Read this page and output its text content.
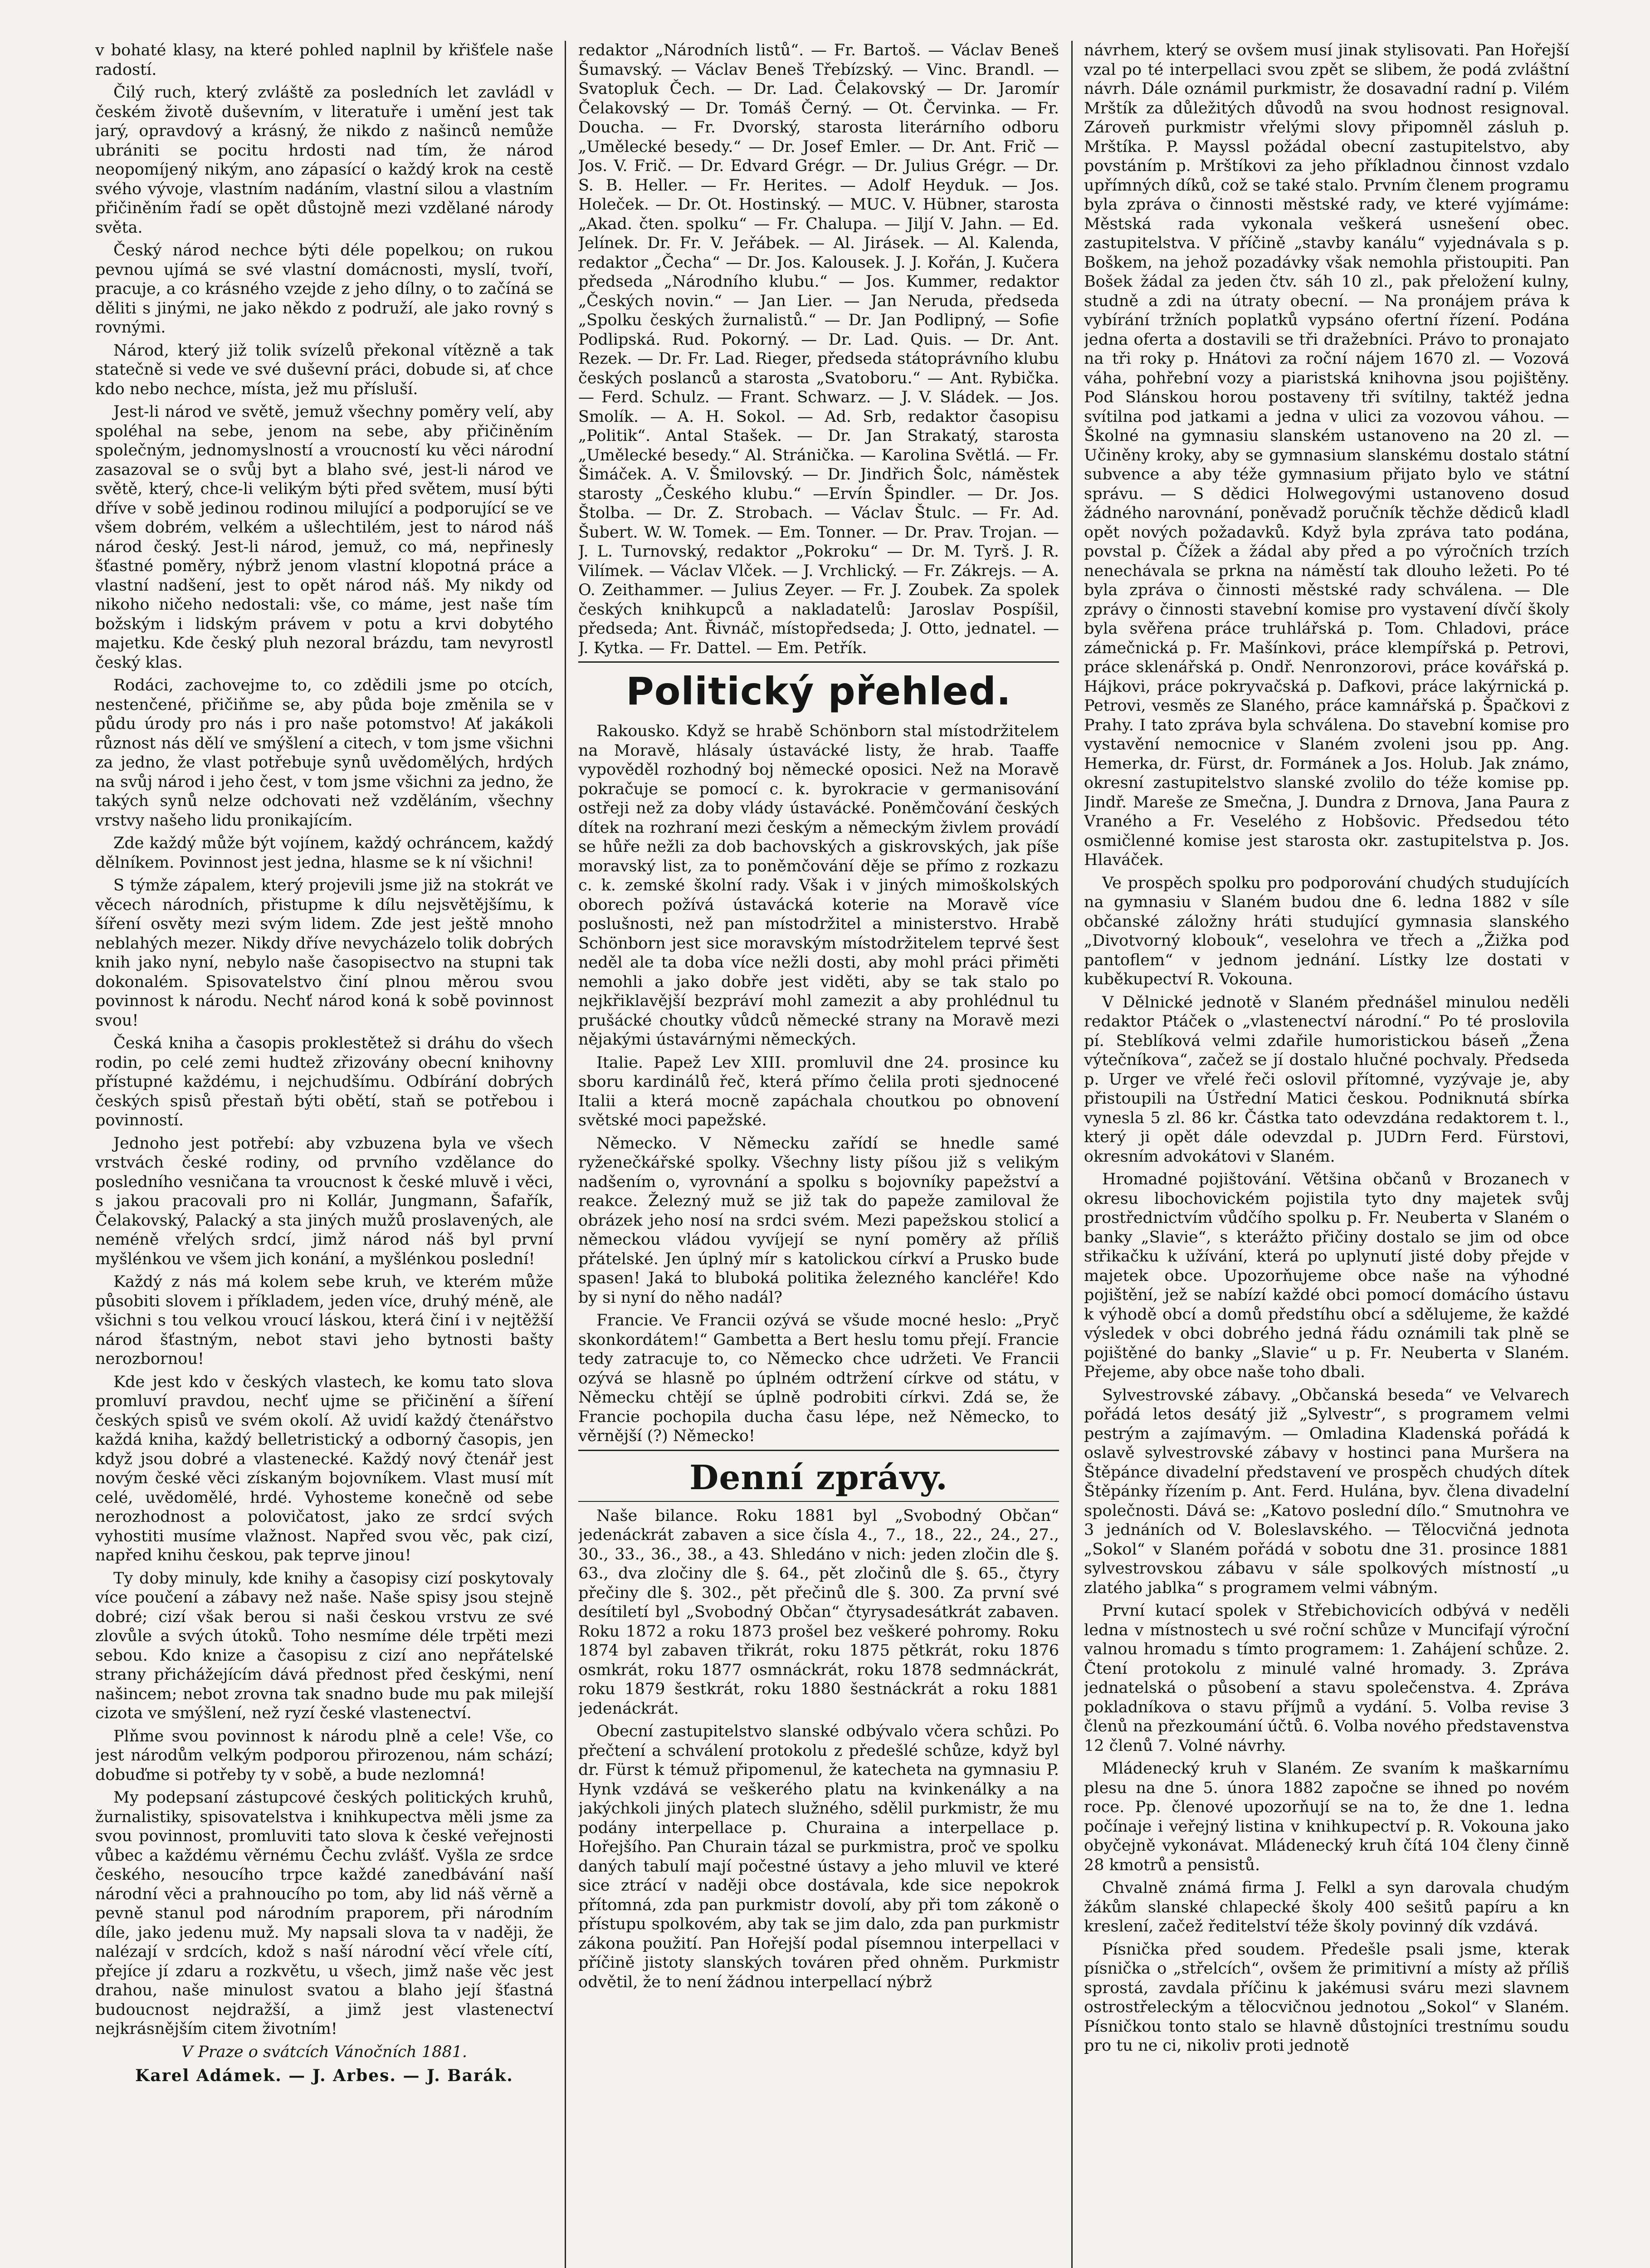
v bohaté klasy, na které pohled naplnil by křišťele naše radostí.

Čilý ruch, který zvláště za posledních let zavládl v českém životě duševním, v literatuře i umění jest tak jarý, opravdový a krásný, že nikdo z našinců nemůže ubrániti se pocitu hrdosti nad tím, že národ neopomíjený nikým, ano zápasící o každý krok na cestě svého vývoje, vlastním nadáním, vlastní silou a vlastním přičiněním řadí se opět důstojně mezi vzdělané národy světa.

Český národ nechce býti déle popelkou; on rukou pevnou ujímá se své vlastní domácnosti, myslí, tvoří, pracuje, a co krásného vzejde z jeho dílny, o to začíná se děliti s jinými, ne jako někdo z podruží, ale jako rovný s rovnými.

Národ, který již tolik svízelů překonal vítězně a tak statečně si vede ve své duševní práci, dobude si, ať chce kdo nebo nechce, místa, jež mu přísluší.

Jest-li národ ve světě, jemuž všechny poměry velí, aby spoléhal na sebe, jenom na sebe, aby přičiněním společným, jednomyslností a vroucností ku věci národní zasazoval se o svůj byt a blaho své, jest-li národ ve světě, který, chce-li velikým býti před světem, musí býti dříve v sobě jedinou rodinou milující a podporující se ve všem dobrém, velkém a ušlechtilém, jest to národ náš národ český. Jest-li národ, jemuž, co má, nepřinesly šťastné poměry, nýbrž jenom vlastní klopotná práce a vlastní nadšení, jest to opět národ náš. My nikdy od nikoho ničeho nedostali: vše, co máme, jest naše tím božským i lidským právem v potu a krvi dobytého majetku. Kde český pluh nezoral brázdu, tam nevyrostl český klas.

Rodáci, zachovejme to, co zdědili jsme po otcích, nestenčené, přičiňme se, aby půda boje změnila se v půdu úrody pro nás i pro naše potomstvo! Ať jakákoli různost nás dělí ve smýšlení a citech, v tom jsme všichni za jedno, že vlast potřebuje synů uvědomělých, hrdých na svůj národ i jeho čest, v tom jsme všichni za jedno, že takých synů nelze odchovati než vzděláním, všechny vrstvy našeho lidu pronikajícím.

Zde každý může být vojínem, každý ochráncem, každý dělníkem. Povinnost jest jedna, hlasme se k ní všichni!

S týmže zápalem, který projevili jsme již na stokrát ve věcech národních, přistupme k dílu nejsvětějšímu, k šíření osvěty mezi svým lidem. Zde jest ještě mnoho neblahých mezer. Nikdy dříve nevycházelo tolik dobrých knih jako nyní, nebylo naše časopisectvo na stupni tak dokonalém. Spisovatelstvo činí plnou měrou svou povinnost k národu. Nechť národ koná k sobě povinnost svou!

Česká kniha a časopis proklestětež si dráhu do všech rodin, po celé zemi hudtež zřizovány obecní knihovny přístupné každému, i nejchudšímu. Odbírání dobrých českých spisů přestaň býti obětí, staň se potřebou i povinností.

Jednoho jest potřebí: aby vzbuzena byla ve všech vrstvách české rodiny, od prvního vzdělance do posledního vesničana ta vroucnost k české mluvě i věci, s jakou pracovali pro ni Kollár, Jungmann, Šafařík, Čelakovský, Palacký a sta jiných mužů proslavených, ale neméně vřelých srdcí, jimž národ náš byl první myšlénkou ve všem jich konání, a myšlénkou poslední!

Každý z nás má kolem sebe kruh, ve kterém může působiti slovem i příkladem, jeden více, druhý méně, ale všichni s tou velkou vroucí láskou, která činí i v nejtěžší národ šťastným, nebot stavi jeho bytnosti bašty nerozbornou!

Kde jest kdo v českých vlastech, ke komu tato slova promluví pravdou, nechť ujme se přičinění a šíření českých spisů ve svém okolí. Až uvidí každý čtenářstvo každá kniha, každý belletristický a odborný časopis, jen když jsou dobré a vlastenecké. Každý nový čtenář jest novým české věci získaným bojovníkem. Vlast musí mít celé, uvědomělé, hrdé. Vyhosteme konečně od sebe nerozhodnost a polovičatost, jako ze srdcí svých vyhostiti musíme vlažnost. Napřed svou věc, pak cizí, napřed knihu českou, pak teprve jinou!

Ty doby minuly, kde knihy a časopisy cizí poskytovaly více poučení a zábavy než naše. Naše spisy jsou stejně dobré; cizí však berou si naši českou vrstvu ze své zlovůle a svých útoků. Toho nesmíme déle trpěti mezi sebou. Kdo knize a časopisu z cizí ano nepřátelské strany přichážejícím dává přednost před českými, není našincem; nebot zrovna tak snadno bude mu pak milejší cizota ve smýšlení, než ryzí české vlastenectví.

Plňme svou povinnost k národu plně a cele! Vše, co jest národům velkým podporou přirozenou, nám schází; dobuďme si potřeby ty v sobě, a bude nezlomná!

My podepsaní zástupcové českých politických kruhů, žurnalistiky, spisovatelstva i knihkupectva měli jsme za svou povinnost, promluviti tato slova k české veřejnosti vůbec a každému věrnému Čechu zvlášť. Vyšla ze srdce českého, nesoucího trpce každé zanedbávání naší národní věci a prahnoucího po tom, aby lid náš věrně a pevně stanul pod národním praporem, při národním díle, jako jedenu muž. My napsali slova ta v naději, že nalézají v srdcích, kdož s naší národní věcí vřele cítí, přejíce jí zdaru a rozkvětu, u všech, jimž naše věc jest drahou, naše minulost svatou a blaho její šťastná budoucnost nejdražší, a jimž jest vlastenectví nejkrásnějším citem životním!

V Praze o svátcích Vánočních 1881.

Karel Adámek. — J. Arbes. — J. Barák.

redaktor „Národních listů“. — Fr. Bartoš. — Václav Beneš Šumavský. — Václav Beneš Třebízský. — Vinc. Brandl. — Svatopluk Čech. — Dr. Lad. Čelakovský — Dr. Jaromír Čelakovský — Dr. Tomáš Černý. — Ot. Červinka. — Fr. Doucha. — Fr. Dvorský, starosta literárního odboru „Umělecké besedy.“ — Dr. Josef Emler. — Dr. Ant. Frič — Jos. V. Frič. — Dr. Edvard Grégr. — Dr. Julius Grégr. — Dr. S. B. Heller. — Fr. Herites. — Adolf Heyduk. — Jos. Holeček. — Dr. Ot. Hostinský. — MUC. V. Hübner, starosta „Akad. čten. spolku“ — Fr. Chalupa. — Jiljí V. Jahn. — Ed. Jelínek. Dr. Fr. V. Jeřábek. — Al. Jirásek. — Al. Kalenda, redaktor „Čecha“ — Dr. Jos. Kalousek. J. J. Kořán, J. Kučera předseda „Národního klubu.“ — Jos. Kummer, redaktor „Českých novin.“ — Jan Lier. — Jan Neruda, předseda „Spolku českých žurnalistů.“ — Dr. Jan Podlipný, — Sofie Podlipská. Rud. Pokorný. — Dr. Lad. Quis. — Dr. Ant. Rezek. — Dr. Fr. Lad. Rieger, předseda státoprávního klubu českých poslanců a starosta „Svatoboru.“ — Ant. Rybička. — Ferd. Schulz. — Frant. Schwarz. — J. V. Sládek. — Jos. Smolík. — A. H. Sokol. — Ad. Srb, redaktor časopisu „Politik“. Antal Stašek. — Dr. Jan Strakatý, starosta „Umělecké besedy.“ Al. Stránička. — Karolina Světlá. — Fr. Šimáček. A. V. Šmilovský. — Dr. Jindřich Šolc, náměstek starosty „Českého klubu.“ —Ervín Špindler. — Dr. Jos. Štolba. — Dr. Z. Strobach. — Václav Štulc. — Fr. Ad. Šubert. W. W. Tomek. — Em. Tonner. — Dr. Prav. Trojan. — J. L. Turnovský, redaktor „Pokroku“ — Dr. M. Tyrš. J. R. Vilímek. — Václav Vlček. — J. Vrchlický. — Fr. Zákrejs. — A. O. Zeithammer. — Julius Zeyer. — Fr. J. Zoubek. Za spolek českých knihkupců a nakladatelů: Jaroslav Pospíšil, předseda; Ant. Řivnáč, místopředseda; J. Otto, jednatel. — J. Kytka. — Fr. Dattel. — Em. Petřík.

Politický přehled.

Rakousko. Když se hrabě Schönborn stal místodržitelem na Moravě, hlásaly ústavácké listy, že hrab. Taaffe vypověděl rozhodný boj německé oposici. Než na Moravě pokračuje se pomocí c. k. byrokracie v germanisování ostřeji než za doby vlády ústavácké. Poněmčování českých dítek na rozhraní mezi českým a německým živlem provádí se hůře nežli za dob bachovských a giskrovských, jak píše moravský list, za to poněmčování děje se přímo z rozkazu c. k. zemské školní rady. Však i v jiných mimoškolských oborech požívá ústavácká koterie na Moravě více poslušnosti, než pan místodržitel a ministerstvo. Hrabě Schönborn jest sice moravským místodržitelem teprvé šest neděl ale ta doba více nežli dosti, aby mohl práci přiměti nemohli a jako dobře jest viděti, aby se tak stalo po nejkřiklavější bezpráví mohl zamezit a aby prohlédnul tu prušácké choutky vůdců německé strany na Moravě mezi nějakými ústavárnými německých.

Italie. Papež Lev XIII. promluvil dne 24. prosince ku sboru kardinálů řeč, která přímo čelila proti sjednocené Italii a která mocně zapáchala choutkou po obnovení světské moci papežské.

Německo. V Německu zařídí se hnedle samé ryženečkářské spolky. Všechny listy píšou již s velikým nadšením o, vyrovnání a spolku s bojovníky papežství a reakce. Železný muž se již tak do papeže zamiloval že obrázek jeho nosí na srdci svém. Mezi papežskou stolicí a německou vládou vyvíjejí se nyní poměry až příliš přátelské. Jen úplný mír s katolickou církví a Prusko bude spasen! Jaká to bluboká politika železného kancléře! Kdo by si nyní do něho nadál?

Francie. Ve Francii ozývá se všude mocné heslo: „Pryč skonkordátem!“ Gambetta a Bert heslu tomu přejí. Francie tedy zatracuje to, co Německo chce udržeti. Ve Francii ozývá se hlasně po úplném odtržení církve od státu, v Německu chtějí se úplně podrobiti církvi. Zdá se, že Francie pochopila ducha času lépe, než Německo, to věrnější (?) Německo!

Denní zprávy.

Naše bilance. Roku 1881 byl „Svobodný Občan“ jedenáckrát zabaven a sice čísla 4., 7., 18., 22., 24., 27., 30., 33., 36., 38., a 43. Shledáno v nich: jeden zločin dle §. 63., dva zločiny dle §. 64., pět zločinů dle §. 65., čtyry přečiny dle §. 302., pět přečinů dle §. 300. Za první své desítiletí byl „Svobodný Občan“ čtyrysadesátkrát zabaven. Roku 1872 a roku 1873 prošel bez veškeré pohromy. Roku 1874 byl zabaven třikrát, roku 1875 pětkrát, roku 1876 osmkrát, roku 1877 osmnáckrát, roku 1878 sedmnáckrát, roku 1879 šestkrát, roku 1880 šestnáckrát a roku 1881 jedenáckrát.

Obecní zastupitelstvo slanské odbývalo včera schůzi. Po přečtení a schválení protokolu z předešlé schůze, když byl dr. Fürst k témuž připomenul, že katecheta na gymnasiu P. Hynk vzdává se veškerého platu na kvinkenálky a na jakýchkoli jiných platech služného, sdělil purkmistr, že mu podány interpellace p. Churaina a interpellace p. Hořejšího. Pan Churain tázal se purkmistra, proč ve spolku daných tabulí mají počestné ústavy a jeho mluvil ve které sice ztrácí v naději obce dostávala, kde sice nepokrok přítomná, zda pan purkmistr dovolí, aby při tom zákoně o přístupu spolkovém, aby tak se jim dalo, zda pan purkmistr zákona použití. Pan Hořejší podal písemnou interpellaci v příčině jistoty slanských továren před ohněm. Purkmistr odvětil, že to není žádnou interpellací nýbrž

návrhem, který se ovšem musí jinak stylisovati. Pan Hořejší vzal po té interpellaci svou zpět se slibem, že podá zvláštní návrh. Dále oznámil purkmistr, že dosavadní radní p. Vilém Mrštík za důležitých důvodů na svou hodnost resignoval. Zároveň purkmistr vřelými slovy připomněl zásluh p. Mrštíka. P. Mayssl požádal obecní zastupitelstvo, aby povstáním p. Mrštíkovi za jeho příkladnou činnost vzdalo upřímných díků, což se také stalo. Prvním členem programu byla zpráva o činnosti městské rady, ve které vyjímáme: Městská rada vykonala veškerá usnešení obec. zastupitelstva. V příčině „stavby kanálu“ vyjednávala s p. Boškem, na jehož pozadávky však nemohla přistoupiti. Pan Bošek žádal za jeden čtv. sáh 10 zl., pak přeložení kulny, studně a zdi na útraty obecní. — Na pronájem práva k vybírání tržních poplatků vypsáno ofertní řízení. Podána jedna oferta a dostavili se tři dražebníci. Právo to pronajato na tři roky p. Hnátovi za roční nájem 1670 zl. — Vozová váha, pohřební vozy a piaristská knihovna jsou pojištěny. Pod Slánskou horou postaveny tři svítilny, taktéž jedna svítilna pod jatkami a jedna v ulici za vozovou váhou. — Školné na gymnasiu slanském ustanoveno na 20 zl. — Učiněny kroky, aby se gymnasium slanskému dostalo státní subvence a aby téže gymnasium přijato bylo ve státní správu. — S dědici Holwegovými ustanoveno dosud žádného narovnání, poněvadž poručník těchže dědiců kladl opět nových požadavků. Když byla zpráva tato podána, povstal p. Čížek a žádal aby před a po výročních trzích nenechávala se prkna na náměstí tak dlouho ležeti. Po té byla zpráva o činnosti městské rady schválena. — Dle zprávy o činnosti stavební komise pro vystavení dívčí školy byla svěřena práce truhlářská p. Tom. Chladovi, práce zámečnická p. Fr. Mašínkovi, práce klempířská p. Petrovi, práce sklenářská p. Ondř. Nenronzorovi, práce kovářská p. Hájkovi, práce pokryvačská p. Dafkovi, práce lakýrnická p. Petrovi, vesměs ze Slaného, práce kamnářská p. Špačkovi z Prahy. I tato zpráva byla schválena. Do stavební komise pro vystavění nemocnice v Slaném zvoleni jsou pp. Ang. Hemerka, dr. Fürst, dr. Formánek a Jos. Holub. Jak známo, okresní zastupitelstvo slanské zvolilo do téže komise pp. Jindř. Mareše ze Smečna, J. Dundra z Drnova, Jana Paura z Vraného a Fr. Veselého z Hobšovic. Předsedou této osmičlenné komise jest starosta okr. zastupitelstva p. Jos. Hlaváček.

Ve prospěch spolku pro podporování chudých studujících na gymnasiu v Slaném budou dne 6. ledna 1882 v síle občanské záložny hráti studující gymnasia slanského „Divotvorný klobouk“, veselohra ve třech a „Žižka pod pantoflem“ v jednom jednání. Lístky lze dostati v kuběkupectví R. Vokouna.

V Dělnické jednotě v Slaném přednášel minulou neděli redaktor Ptáček o „vlastenectví národní.“ Po té proslovila pí. Steblíková velmi zdařile humoristickou báseň „Žena výtečníkova“, začež se jí dostalo hlučné pochvaly. Předseda p. Urger ve vřelé řeči oslovil přítomné, vyzývaje je, aby přistoupili na Ústřední Matici českou. Podniknutá sbírka vynesla 5 zl. 86 kr. Částka tato odevzdána redaktorem t. l., který ji opět dále odevzdal p. JUDrn Ferd. Fürstovi, okresním advokátovi v Slaném.

Hromadné pojištování. Většina občanů v Brozanech v okresu libochovickém pojistila tyto dny majetek svůj prostřednictvím vůdčího spolku p. Fr. Neuberta v Slaném o banky „Slavie“, s kterážto přičiny dostalo se jim od obce střikačku k užívání, která po uplynutí jisté doby přejde v majetek obce. Upozorňujeme obce naše na výhodné pojištění, jež se nabízí každé obci pomocí domácího ústavu k výhodě obcí a domů předstíhu obcí a sdělujeme, že každé výsledek v obci dobrého jedná řádu oznámili tak plně se pojištěné do banky „Slavie“ u p. Fr. Neuberta v Slaném. Přejeme, aby obce naše toho dbali.

Sylvestrovské zábavy. „Občanská beseda“ ve Velvarech pořádá letos desátý již „Sylvestr“, s programem velmi pestrým a zajímavým. — Omladina Kladenská pořádá k oslavě sylvestrovské zábavy v hostinci pana Muršera na Štěpánce divadelní představení ve prospěch chudých dítek Štěpánky řízením p. Ant. Ferd. Hulána, byv. člena divadelní společnosti. Dává se: „Katovo poslední dílo.“ Smutnohra ve 3 jednáních od V. Boleslavského. — Tělocvičná jednota „Sokol“ v Slaném pořádá v sobotu dne 31. prosince 1881 sylvestrovskou zábavu v sále spolkových místností „u zlatého jablka“ s programem velmi vábným.

První kutací spolek v Střebichovicích odbývá v neděli ledna v místnostech u své roční schůze v Muncifají výroční valnou hromadu s tímto programem: 1. Zahájení schůze. 2. Čtení protokolu z minulé valné hromady. 3. Zpráva jednatelská o působení a stavu společenstva. 4. Zpráva pokladníkova o stavu příjmů a vydání. 5. Volba revise 3 členů na přezkoumání účtů. 6. Volba nového představenstva 12 členů 7. Volné návrhy.

Mládenecký kruh v Slaném. Ze svaním k maškarnímu plesu na dne 5. února 1882 započne se ihned po novém roce. Pp. členové upozorňují se na to, že dne 1. ledna počínaje i veřejný listina v knihkupectví p. R. Vokouna jako obyčejně vykonávat. Mládenecký kruh čítá 104 členy činně 28 kmotrů a pensistů.

Chvalně známá firma J. Felkl a syn darovala chudým žákům slanské chlapecké školy 400 sešitů papíru a kn kreslení, začež ředitelství téže školy povinný dík vzdává.

Písnička před soudem. Předešle psali jsme, kterak písnička o „střelcích“, ovšem že primitivní a místy až příliš sprostá, zavdala příčinu k jakémusi sváru mezi slavnem ostrostřeleckým a tělocvičnou jednotou „Sokol“ v Slaném. Písničkou tonto stalo se hlavně důstojníci trestnímu soudu pro tu ne ci, nikoliv proti jednotě
